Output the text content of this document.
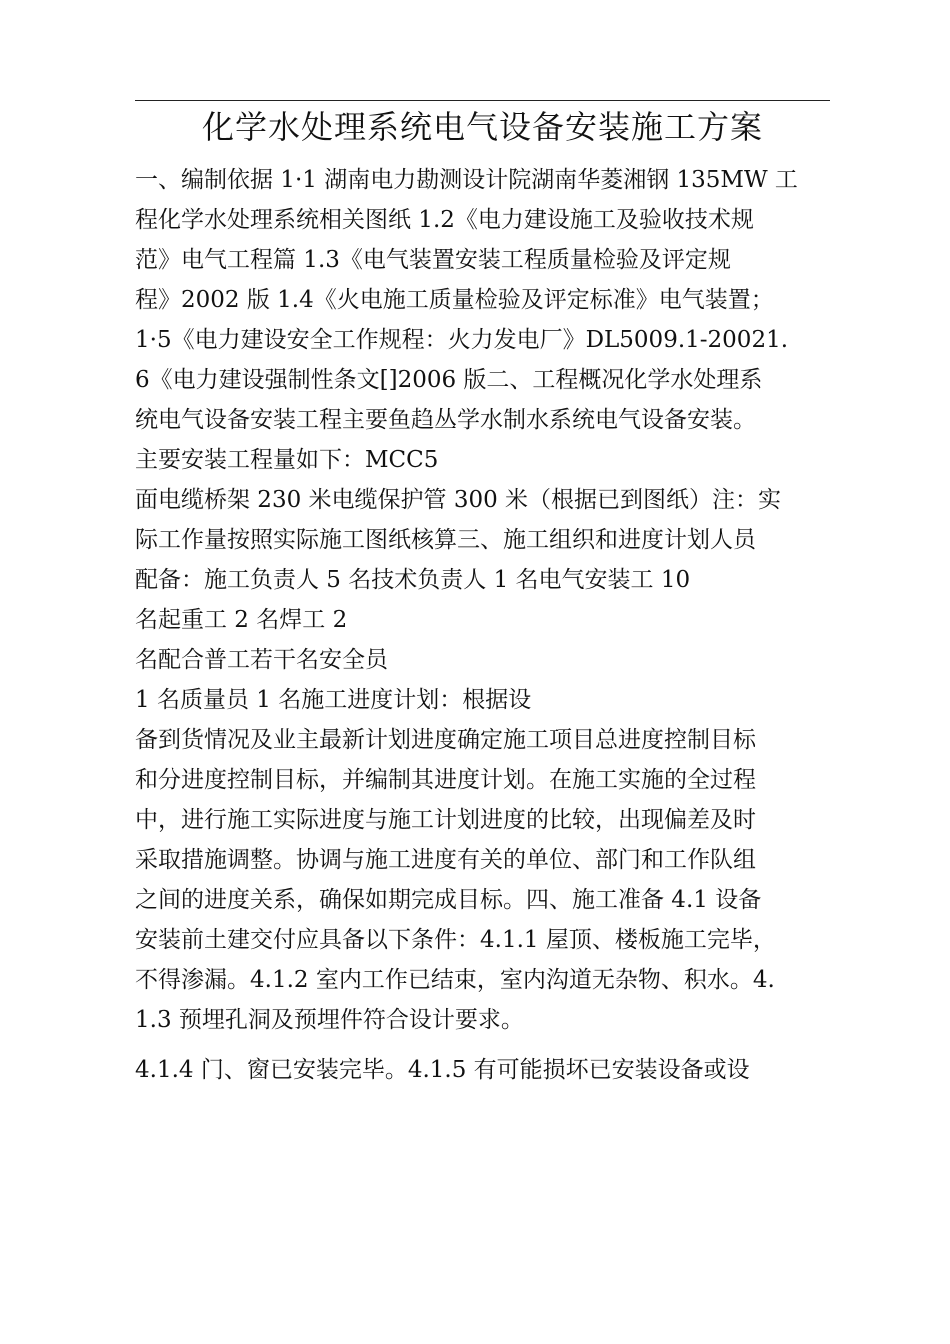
化学水处理系统电气设备安装施工方案
一、编制依据 1·1 湖南电力勘测设计院湖南华菱湘钢 135MW 工
程化学水处理系统相关图纸 1.2《电力建设施工及验收技术规
范》电气工程篇 1.3《电气装置安装工程质量检验及评定规
程》2002 版 1.4《火电施工质量检验及评定标准》电气装置；
1·5《电力建设安全工作规程：火力发电厂》DL5009.1-20021.
6《电力建设强制性条文[]2006 版二、工程概况化学水处理系
统电气设备安装工程主要鱼趋丛学水制水系统电气设备安装。
主要安装工程量如下：MCC5
面电缆桥架 230 米电缆保护管 300 米（根据已到图纸）注：实
际工作量按照实际施工图纸核算三、施工组织和进度计划人员
配备：施工负责人 5 名技术负责人 1 名电气安装工 10
名起重工 2 名焊工 2
名配合普工若干名安全员
1 名质量员 1 名施工进度计划：根据设
备到货情况及业主最新计划进度确定施工项目总进度控制目标
和分进度控制目标，并编制其进度计划。在施工实施的全过程
中，进行施工实际进度与施工计划进度的比较，出现偏差及时
采取措施调整。协调与施工进度有关的单位、部门和工作队组
之间的进度关系，确保如期完成目标。四、施工准备 4.1 设备
安装前土建交付应具备以下条件：4.1.1 屋顶、楼板施工完毕，
不得渗漏。4.1.2 室内工作已结束，室内沟道无杂物、积水。4.
1.3 预埋孔洞及预埋件符合设计要求。
4.1.4 门、窗已安装完毕。4.1.5 有可能损坏已安装设备或设
